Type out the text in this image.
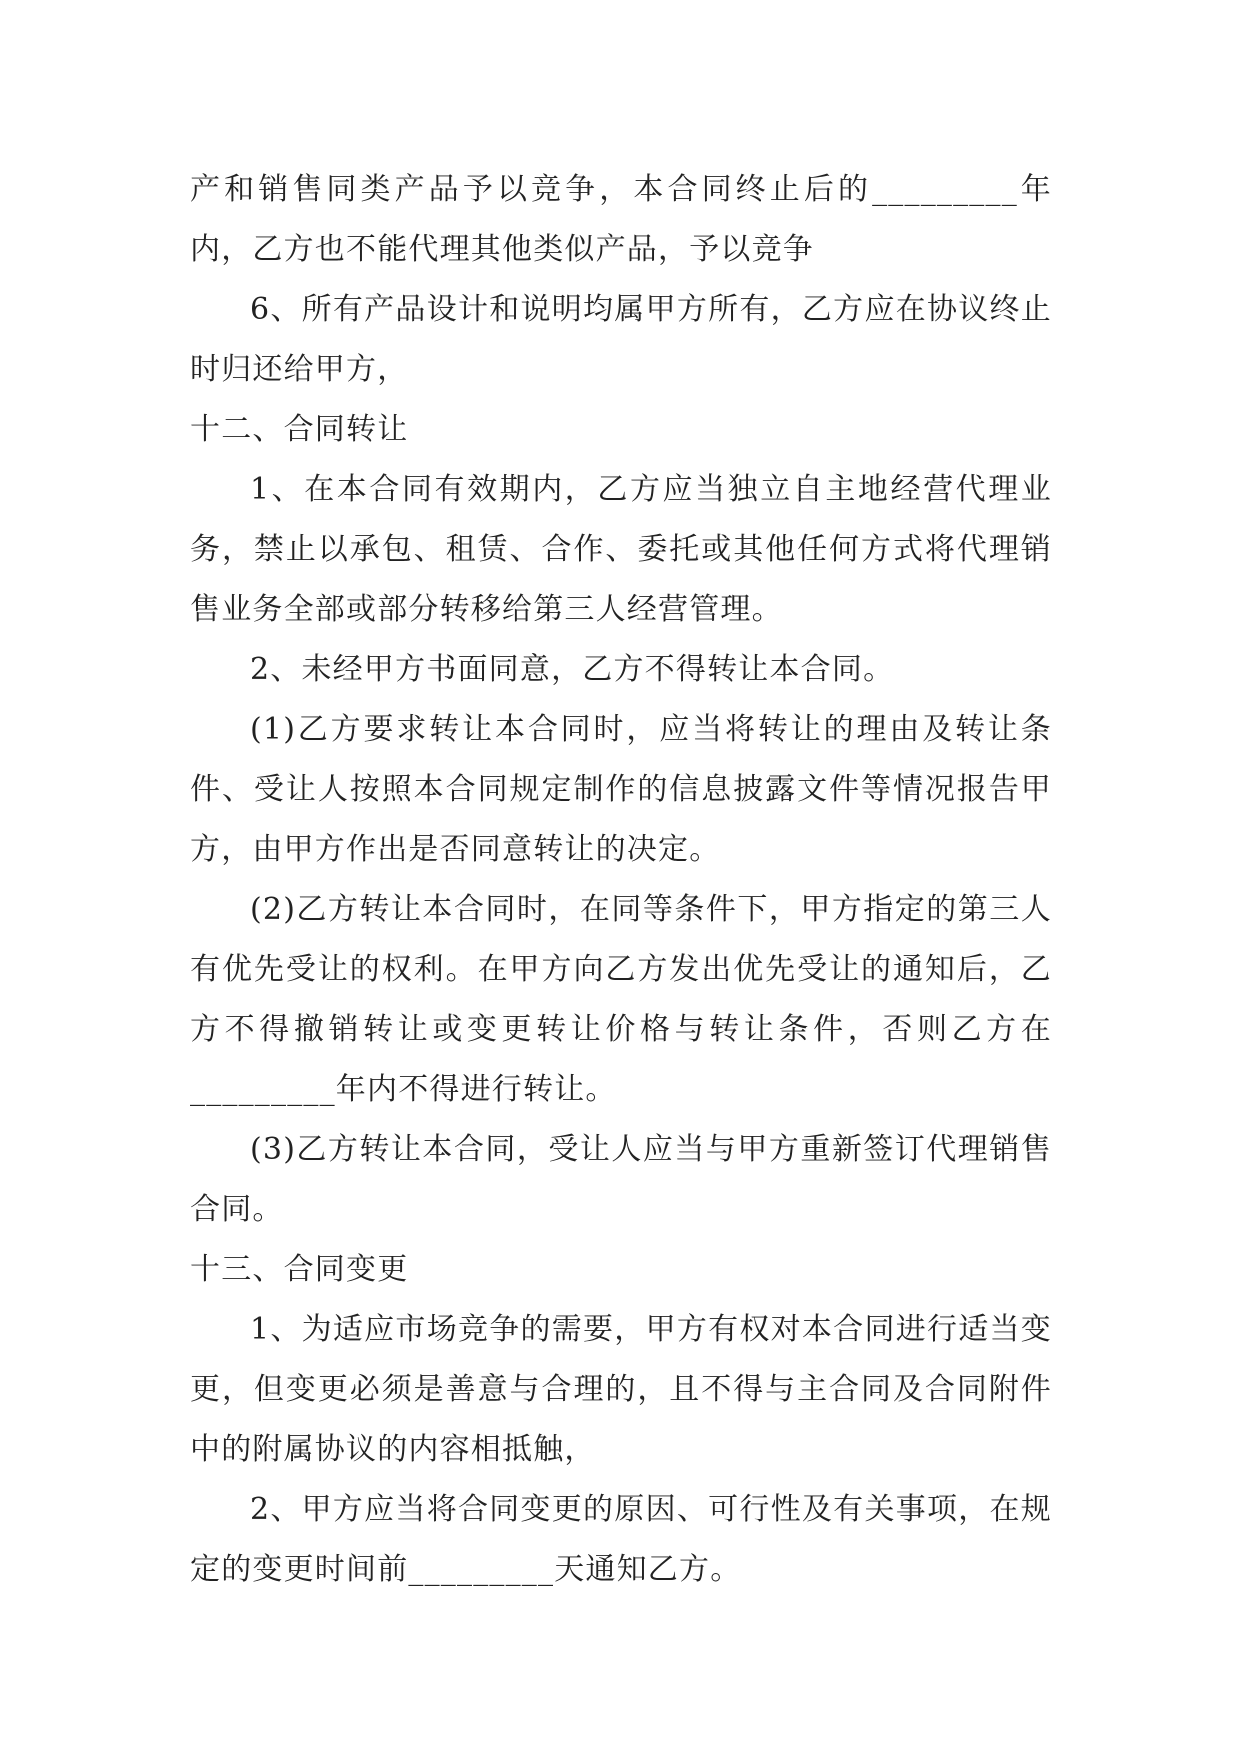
产和销售同类产品予以竞争，本合同终止后的_________年内，乙方也不能代理其他类似产品，予以竞争

6、所有产品设计和说明均属甲方所有，乙方应在协议终止时归还给甲方，

十二、合同转让

1、在本合同有效期内，乙方应当独立自主地经营代理业务，禁止以承包、租赁、合作、委托或其他任何方式将代理销售业务全部或部分转移给第三人经营管理。

2、未经甲方书面同意，乙方不得转让本合同。

(1)乙方要求转让本合同时，应当将转让的理由及转让条件、受让人按照本合同规定制作的信息披露文件等情况报告甲方，由甲方作出是否同意转让的决定。

(2)乙方转让本合同时，在同等条件下，甲方指定的第三人有优先受让的权利。在甲方向乙方发出优先受让的通知后，乙方不得撤销转让或变更转让价格与转让条件，否则乙方在 _________年内不得进行转让。

(3)乙方转让本合同，受让人应当与甲方重新签订代理销售合同。

十三、合同变更

1、为适应市场竞争的需要，甲方有权对本合同进行适当变更，但变更必须是善意与合理的，且不得与主合同及合同附件中的附属协议的内容相抵触，

2、甲方应当将合同变更的原因、可行性及有关事项，在规定的变更时间前_________天通知乙方。
